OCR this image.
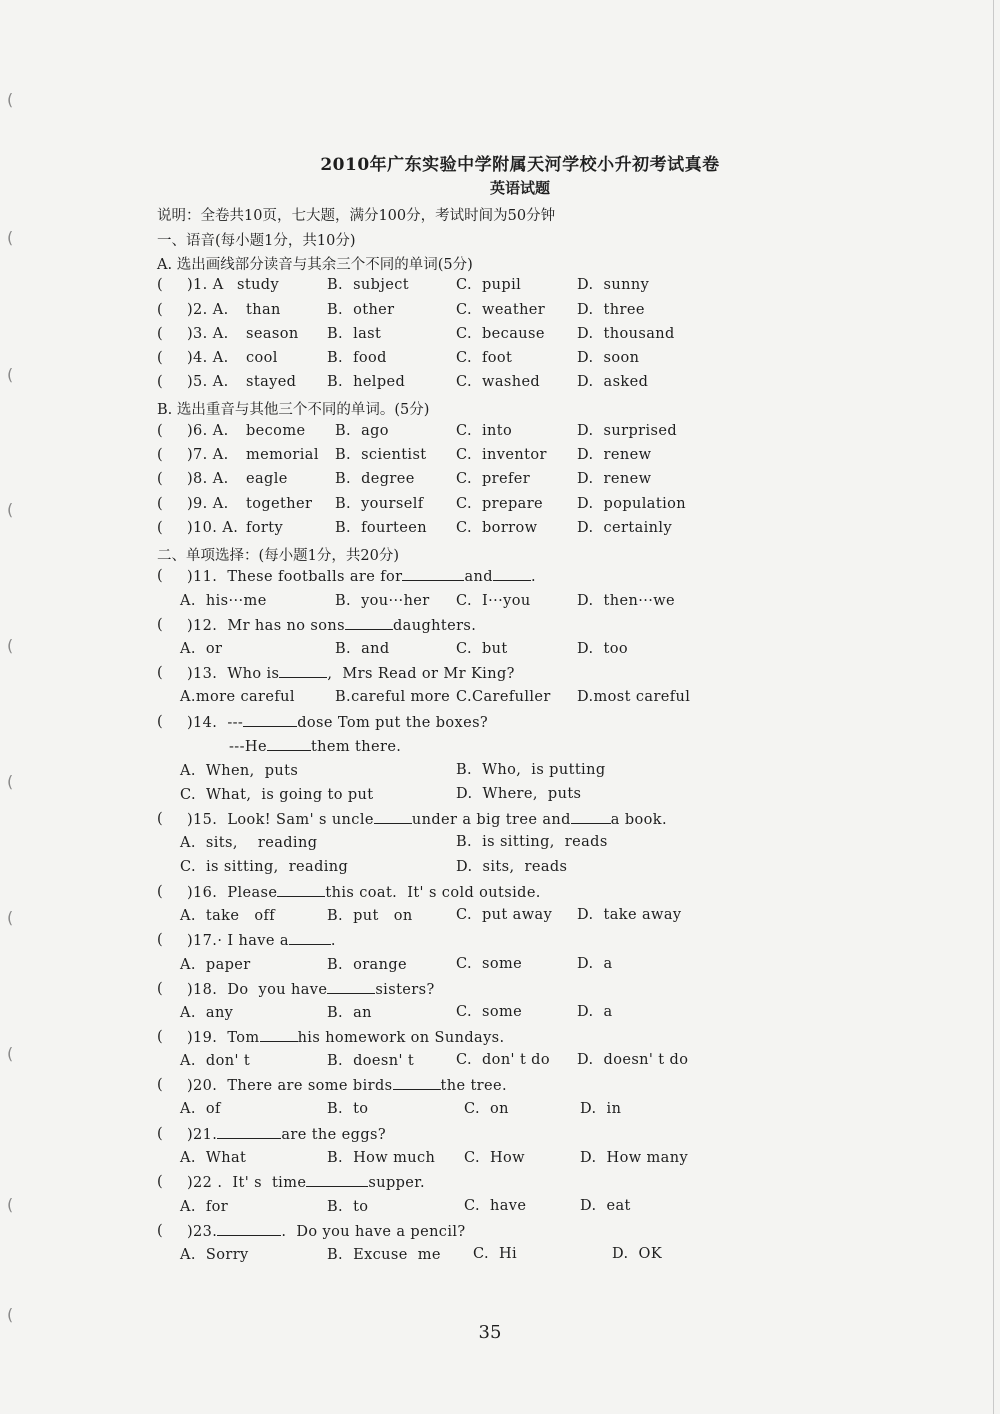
(
(
(
(
(
(
(
(
(
(
2010年广东实验中学附属天河学校小升初考试真卷
英语试题
说明：全卷共10页，七大题，满分100分，考试时间为50分钟
一、语音(每小题1分，共10分)
A. 选出画线部分读音与其余三个不同的单词(5分)
( )1. A study	B.  subject	C.  pupil	D.  sunny
( )2. A. than	B.  other	C.  weather D.  three
( )3. A. season B.  last	C.  because D.  thousand
( )4. A. cool	B.  food	C.  foot	D.  soon
( )5. A. stayed B.  helped	C.  washed	D.  asked
B. 选出重音与其他三个不同的单词。(5分)
( )6. A. become B.  ago	C.  into	D.  surprised
( )7. A. memorial B.  scientist C.  inventor D.  renew
( )8. A. eagle	B.  degree	C.  prefer	D.  renew
( )9. A. together B.  yourself C.  prepare D.  population
( )10. A. forty	B.  fourteen C.  borrow	D.  certainly
二、单项选择：(每小题1分，共20分)
( )11.  These footballs are for	and	.
A.  his···me	B.  you···her C.  I···you	D.  then···we
( )12.  Mr has no sons	daughters.
A.  or	B.  and	C.  but	D.  too
( )13.  Who is	,  Mrs Read or Mr King?
A.more careful	B.careful more C.Carefuller D.most careful
( )14.  ---	dose Tom put the boxes?
---He	them there.
A.  When,  puts	B.  Who,  is putting
C.  What,  is going to put	D.  Where,  puts
( )15.  Look! Sam' s uncle	under a big tree and	a book.
A.  sits,    reading	B.  is sitting,  reads
C.  is sitting,  reading	D.  sits,  reads
( )16.  Please	this coat.  It' s cold outside.
A.  take   off	B.  put   on	C.  put away D.  take away
( )17.· I have a	.
A.  paper	B.  orange	C.  some	D.  a
( )18.  Do  you have	sisters?
A.  any	B.  an	C.  some	D.  a
( )19.  Tom	his homework on Sundays.
A.  don' t	B.  doesn' t	C.  don' t do D.  doesn' t do
( )20.  There are some birds	the tree.
A.  of	B.  to	C.  on	D.  in
( )21.	are the eggs?
A.  What	B.  How much C.  How	D.  How many
( )22 .  It' s  time	supper.
A.  for	B.  to	C.  have	D.  eat
( )23.	.  Do you have a pencil?
A.  Sorry	B.  Excuse  me C.  Hi	D.  OK
35
